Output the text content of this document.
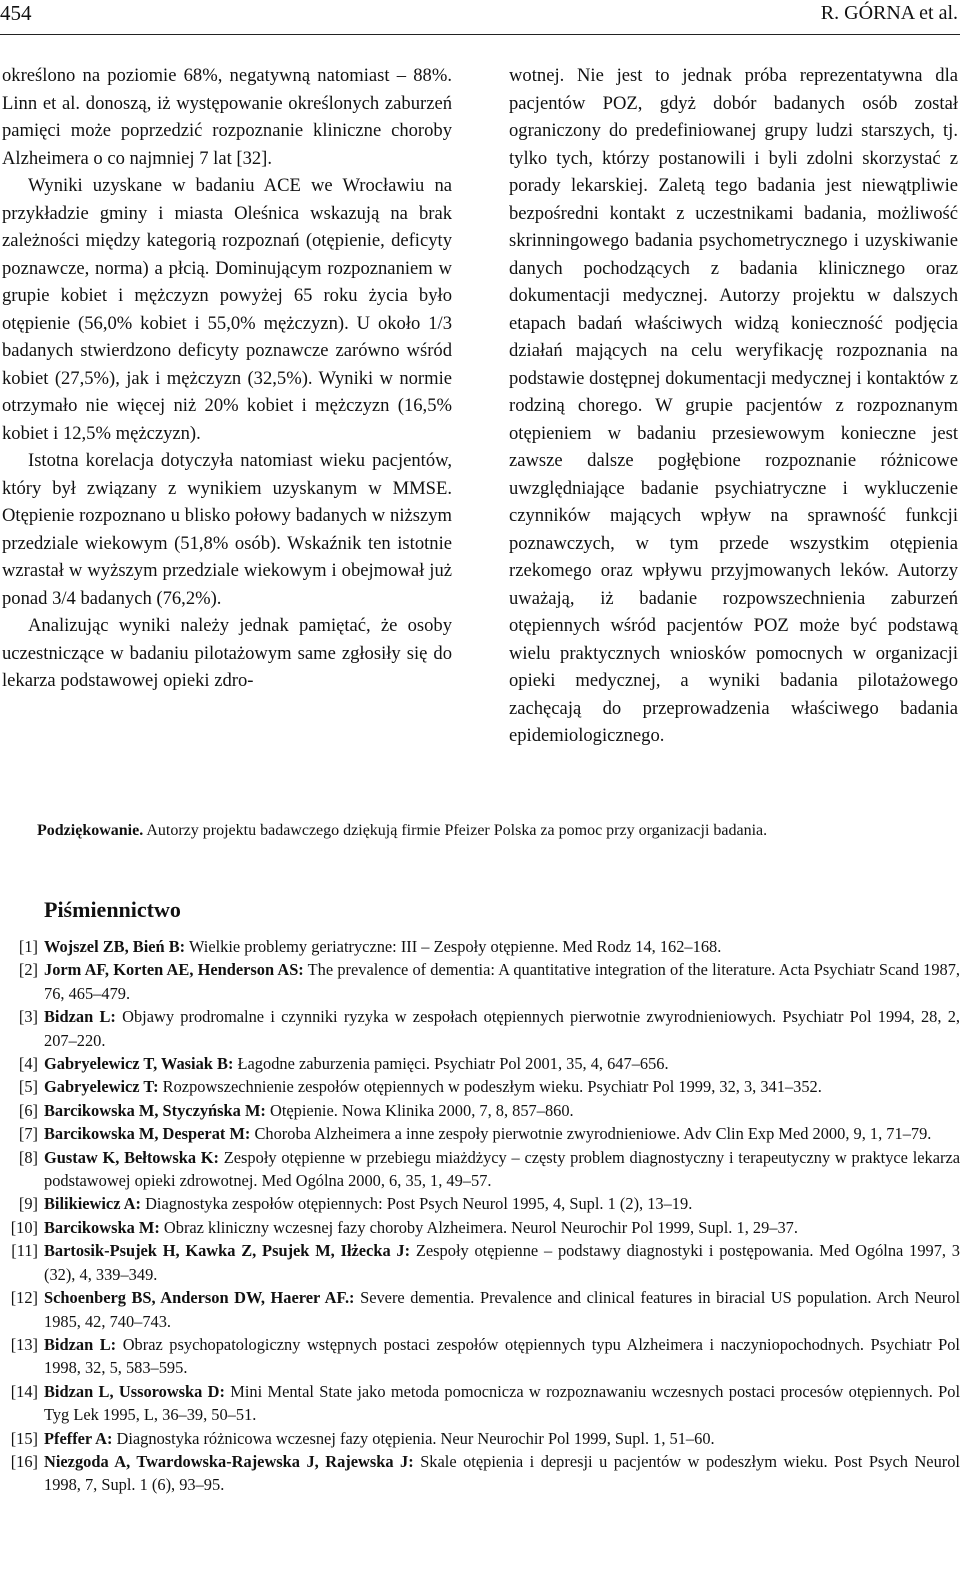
454	R. GÓRNA et al.

określono na poziomie 68%, negatywną natomiast – 88%. Linn et al. donoszą, iż występowanie określonych zaburzeń pamięci może poprzedzić rozpoznanie kliniczne choroby Alzheimera o co najmniej 7 lat [32].

Wyniki uzyskane w badaniu ACE we Wrocławiu na przykładzie gminy i miasta Oleśnica wskazują na brak zależności między kategorią rozpoznań (otępienie, deficyty poznawcze, norma) a płcią. Dominującym rozpoznaniem w grupie kobiet i mężczyzn powyżej 65 roku życia było otępienie (56,0% kobiet i 55,0% mężczyzn). U około 1/3 badanych stwierdzono deficyty poznawcze zarówno wśród kobiet (27,5%), jak i mężczyzn (32,5%). Wyniki w normie otrzymało nie więcej niż 20% kobiet i mężczyzn (16,5% kobiet i 12,5% mężczyzn).

Istotna korelacja dotyczyła natomiast wieku pacjentów, który był związany z wynikiem uzyskanym w MMSE. Otępienie rozpoznano u blisko połowy badanych w niższym przedziale wiekowym (51,8% osób). Wskaźnik ten istotnie wzrastał w wyższym przedziale wiekowym i obejmował już ponad 3/4 badanych (76,2%).

Analizując wyniki należy jednak pamiętać, że osoby uczestniczące w badaniu pilotażowym same zgłosiły się do lekarza podstawowej opieki zdro-

wotnej. Nie jest to jednak próba reprezentatywna dla pacjentów POZ, gdyż dobór badanych osób został ograniczony do predefiniowanej grupy ludzi starszych, tj. tylko tych, którzy postanowili i byli zdolni skorzystać z porady lekarskiej. Zaletą tego badania jest niewątpliwie bezpośredni kontakt z uczestnikami badania, możliwość skrinningowego badania psychometrycznego i uzyskiwanie danych pochodzących z badania klinicznego oraz dokumentacji medycznej. Autorzy projektu w dalszych etapach badań właściwych widzą konieczność podjęcia działań mających na celu weryfikację rozpoznania na podstawie dostępnej dokumentacji medycznej i kontaktów z rodziną chorego. W grupie pacjentów z rozpoznanym otępieniem w badaniu przesiewowym konieczne jest zawsze dalsze pogłębione rozpoznanie różnicowe uwzględniające badanie psychiatryczne i wykluczenie czynników mających wpływ na sprawność funkcji poznawczych, w tym przede wszystkim otępienia rzekomego oraz wpływu przyjmowanych leków. Autorzy uważają, iż badanie rozpowszechnienia zaburzeń otępiennych wśród pacjentów POZ może być podstawą wielu praktycznych wniosków pomocnych w organizacji opieki medycznej, a wyniki badania pilotażowego zachęcają do przeprowadzenia właściwego badania epidemiologicznego.

Podziękowanie. Autorzy projektu badawczego dziękują firmie Pfeizer Polska za pomoc przy organizacji badania.
Piśmiennictwo
[1] Wojszel ZB, Bień B: Wielkie problemy geriatryczne: III – Zespoły otępienne. Med Rodz 14, 162–168.
[2] Jorm AF, Korten AE, Henderson AS: The prevalence of dementia: A quantitative integration of the literature. Acta Psychiatr Scand 1987, 76, 465–479.
[3] Bidzan L: Objawy prodromalne i czynniki ryzyka w zespołach otępiennych pierwotnie zwyrodnieniowych. Psychiatr Pol 1994, 28, 2, 207–220.
[4] Gabryelewicz T, Wasiak B: Łagodne zaburzenia pamięci. Psychiatr Pol 2001, 35, 4, 647–656.
[5] Gabryelewicz T: Rozpowszechnienie zespołów otępiennych w podeszłym wieku. Psychiatr Pol 1999, 32, 3, 341–352.
[6] Barcikowska M, Styczyńska M: Otępienie. Nowa Klinika 2000, 7, 8, 857–860.
[7] Barcikowska M, Desperat M: Choroba Alzheimera a inne zespoły pierwotnie zwyrodnieniowe. Adv Clin Exp Med 2000, 9, 1, 71–79.
[8] Gustaw K, Bełtowska K: Zespoły otępienne w przebiegu miażdżycy – częsty problem diagnostyczny i terapeutyczny w praktyce lekarza podstawowej opieki zdrowotnej. Med Ogólna 2000, 6, 35, 1, 49–57.
[9] Bilikiewicz A: Diagnostyka zespołów otępiennych: Post Psych Neurol 1995, 4, Supl. 1 (2), 13–19.
[10] Barcikowska M: Obraz kliniczny wczesnej fazy choroby Alzheimera. Neurol Neurochir Pol 1999, Supl. 1, 29–37.
[11] Bartosik-Psujek H, Kawka Z, Psujek M, Iłżecka J: Zespoły otępienne – podstawy diagnostyki i postępowania. Med Ogólna 1997, 3 (32), 4, 339–349.
[12] Schoenberg BS, Anderson DW, Haerer AF.: Severe dementia. Prevalence and clinical features in biracial US population. Arch Neurol 1985, 42, 740–743.
[13] Bidzan L: Obraz psychopatologiczny wstępnych postaci zespołów otępiennych typu Alzheimera i naczyniopochodnych. Psychiatr Pol 1998, 32, 5, 583–595.
[14] Bidzan L, Ussorowska D: Mini Mental State jako metoda pomocnicza w rozpoznawaniu wczesnych postaci procesów otępiennych. Pol Tyg Lek 1995, L, 36–39, 50–51.
[15] Pfeffer A: Diagnostyka różnicowa wczesnej fazy otępienia. Neur Neurochir Pol 1999, Supl. 1, 51–60.
[16] Niezgoda A, Twardowska-Rajewska J, Rajewska J: Skale otępienia i depresji u pacjentów w podeszłym wieku. Post Psych Neurol 1998, 7, Supl. 1 (6), 93–95.
